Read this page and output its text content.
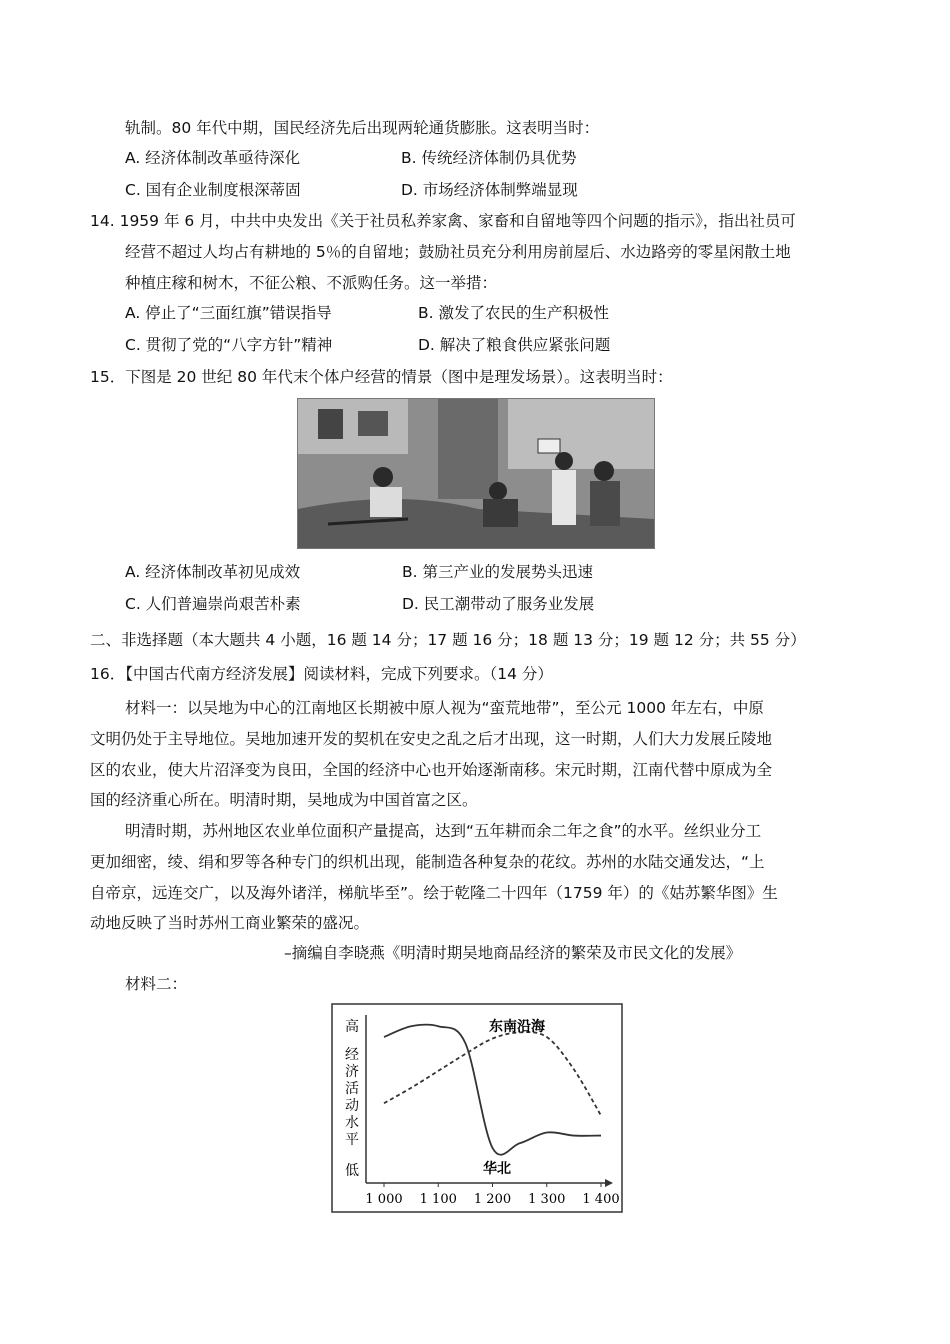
轨制。80 年代中期，国民经济先后出现两轮通货膨胀。这表明当时：
A. 经济体制改革亟待深化	B. 传统经济体制仍具优势
C. 国有企业制度根深蒂固	D. 市场经济体制弊端显现
14. 1959 年 6 月，中共中央发出《关于社员私养家禽、家畜和自留地等四个问题的指示》，指出社员可
经营不超过人均占有耕地的 5％的自留地；鼓励社员充分利用房前屋后、水边路旁的零星闲散土地
种植庄稼和树木，不征公粮、不派购任务。这一举措：
A. 停止了“三面红旗”错误指导	B. 激发了农民的生产积极性
C. 贯彻了党的“八字方针”精神	D. 解决了粮食供应紧张问题
15．下图是 20 世纪 80 年代末个体户经营的情景（图中是理发场景）。这表明当时：
A. 经济体制改革初见成效	B. 第三产业的发展势头迅速
C. 人们普遍崇尚艰苦朴素	D. 民工潮带动了服务业发展
二、非选择题（本大题共 4 小题，16 题 14 分；17 题 16 分；18 题 13 分；19 题 12 分；共 55 分）
16．【中国古代南方经济发展】阅读材料，完成下列要求。（14 分）
材料一：以吴地为中心的江南地区长期被中原人视为“蛮荒地带”，至公元 1000 年左右，中原
文明仍处于主导地位。吴地加速开发的契机在安史之乱之后才出现，这一时期，人们大力发展丘陵地
区的农业，使大片沼泽变为良田，全国的经济中心也开始逐渐南移。宋元时期，江南代替中原成为全
国的经济重心所在。明清时期，吴地成为中国首富之区。
明清时期，苏州地区农业单位面积产量提高，达到“五年耕而余二年之食”的水平。丝织业分工
更加细密，绫、绢和罗等各种专门的织机出现，能制造各种复杂的花纹。苏州的水陆交通发达，“上
自帝京，远连交广，以及海外诸洋，梯航毕至”。绘于乾隆二十四年（1759 年）的《姑苏繁华图》生
动地反映了当时苏州工商业繁荣的盛况。
–摘编自李晓燕《明清时期吴地商品经济的繁荣及市民文化的发展》
材料二：
高
低
经
济
活
动
水
平
1 000 1 100 1 200 1 300 1 400
东南沿海
华北
